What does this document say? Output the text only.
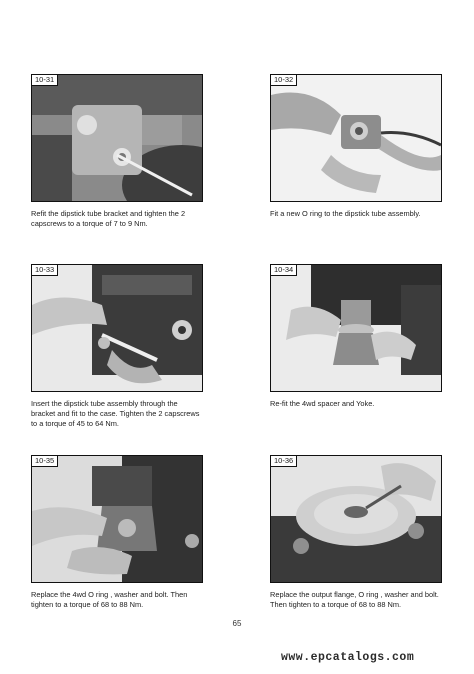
10-31
Refit the dipstick tube bracket and tighten the 2 capscrews to a torque of 7 to 9 Nm.
10-32
Fit a new O ring to the dipstick tube assembly.
10-33
Insert the dipstick tube assembly through the bracket and fit to the case. Tighten the 2 capscrews to a torque of 45 to 64 Nm.
10-34
Re-fit the 4wd spacer and Yoke.
10-35
Replace the 4wd O ring , washer and bolt. Then tighten to a torque of 68 to 88 Nm.
10-36
Replace the output flange, O ring , washer and bolt. Then tighten to a torque of 68 to 88 Nm.
65
www.epcatalogs.com
